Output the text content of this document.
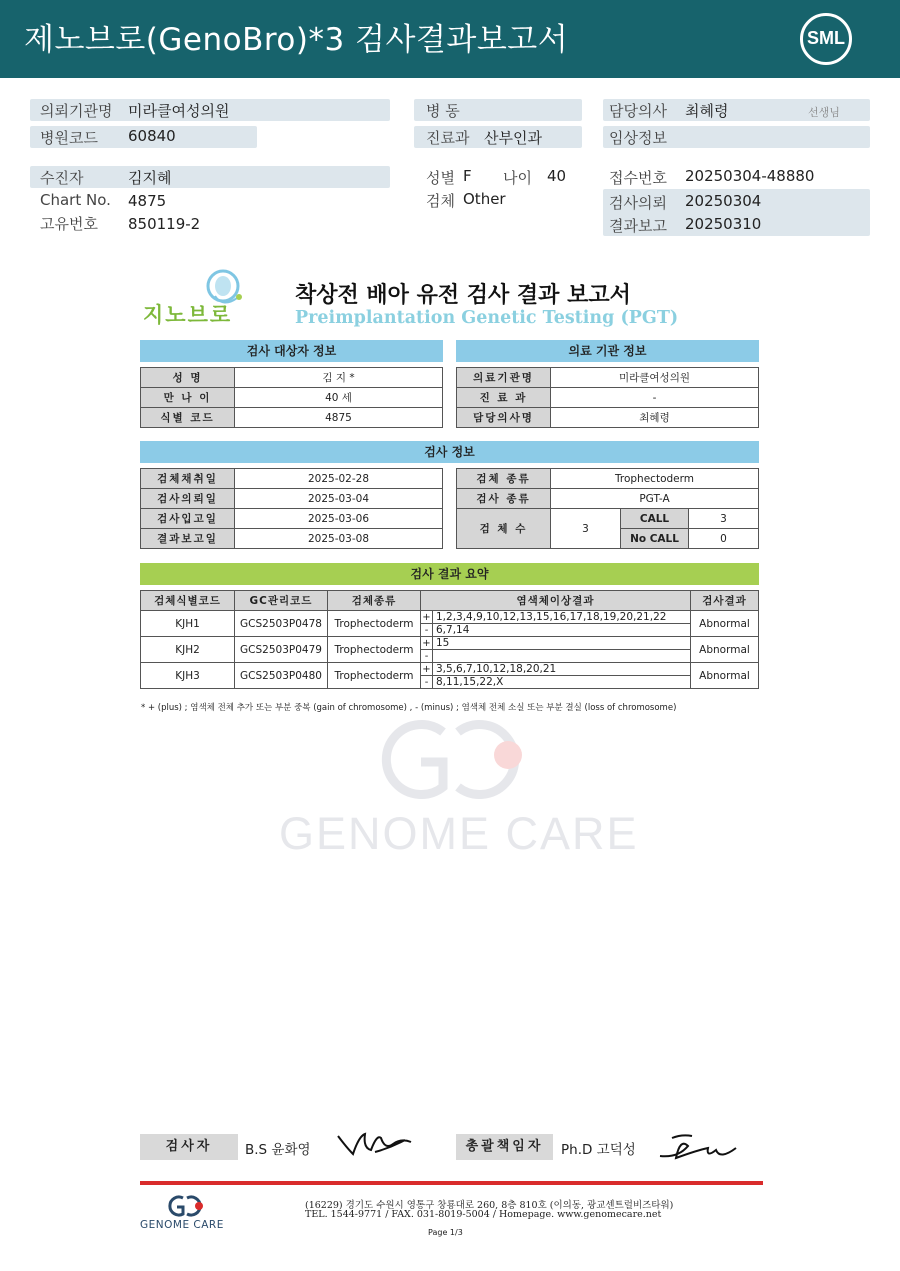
제노브로(GenoBro)*3 검사결과보고서	SML
의뢰기관명 미라클여성의원
병원코드 60840
병 동
진료과 산부인과
담당의사 최혜령	선생님
임상정보
수진자	김지혜
Chart No. 4875
고유번호 850119-2
성별 F 나이 40
검체 Other
접수번호 20250304-48880
검사의뢰 20250304
결과보고 20250310
지노브로
착상전 배아 유전 검사 결과 보고서
Preimplantation Genetic Testing (PGT)
검사 대상자 정보	의료 기관 정보
성 명	김 지 *
만 나 이	40 세
식별 코드	4875
의료기관명	미라클여성의원
진 료 과	-
담당의사명	최혜령
검사 정보
검체채취일	2025-02-28
검사의뢰일	2025-03-04
검사입고일	2025-03-06
결과보고일	2025-03-08
검체 종류	Trophectoderm		
검사 종류	PGT-A		
검 체 수	3	CALL	3
		No CALL	0
검사 결과 요약
검체식별코드	GC관리코드	검체종류	염색체이상결과		검사결과
KJH1	GCS2503P0478	Trophectoderm	+	1,2,3,4,9,10,12,13,15,16,17,18,19,20,21,22	Abnormal
			-	6,7,14	
KJH2	GCS2503P0479	Trophectoderm	+	15	Abnormal
			-		
KJH3	GCS2503P0480	Trophectoderm	+	3,5,6,7,10,12,18,20,21	Abnormal
			-	8,11,15,22,X	
* + (plus) ; 염색체 전체 추가 또는 부분 중복 (gain of chromosome) , - (minus) ; 염색체 전체 소실 또는 부분 결실 (loss of chromosome)
GENOME CARE
검사자	B.S 윤화영	총괄책임자	Ph.D 고덕성
GENOME CARE
(16229) 경기도 수원시 영통구 창룡대로 260, 8층 810호 (이의동, 광교센트럴비즈타워)
TEL. 1544-9771 / FAX. 031-8019-5004 / Homepage. www.genomecare.net
Page 1/3
